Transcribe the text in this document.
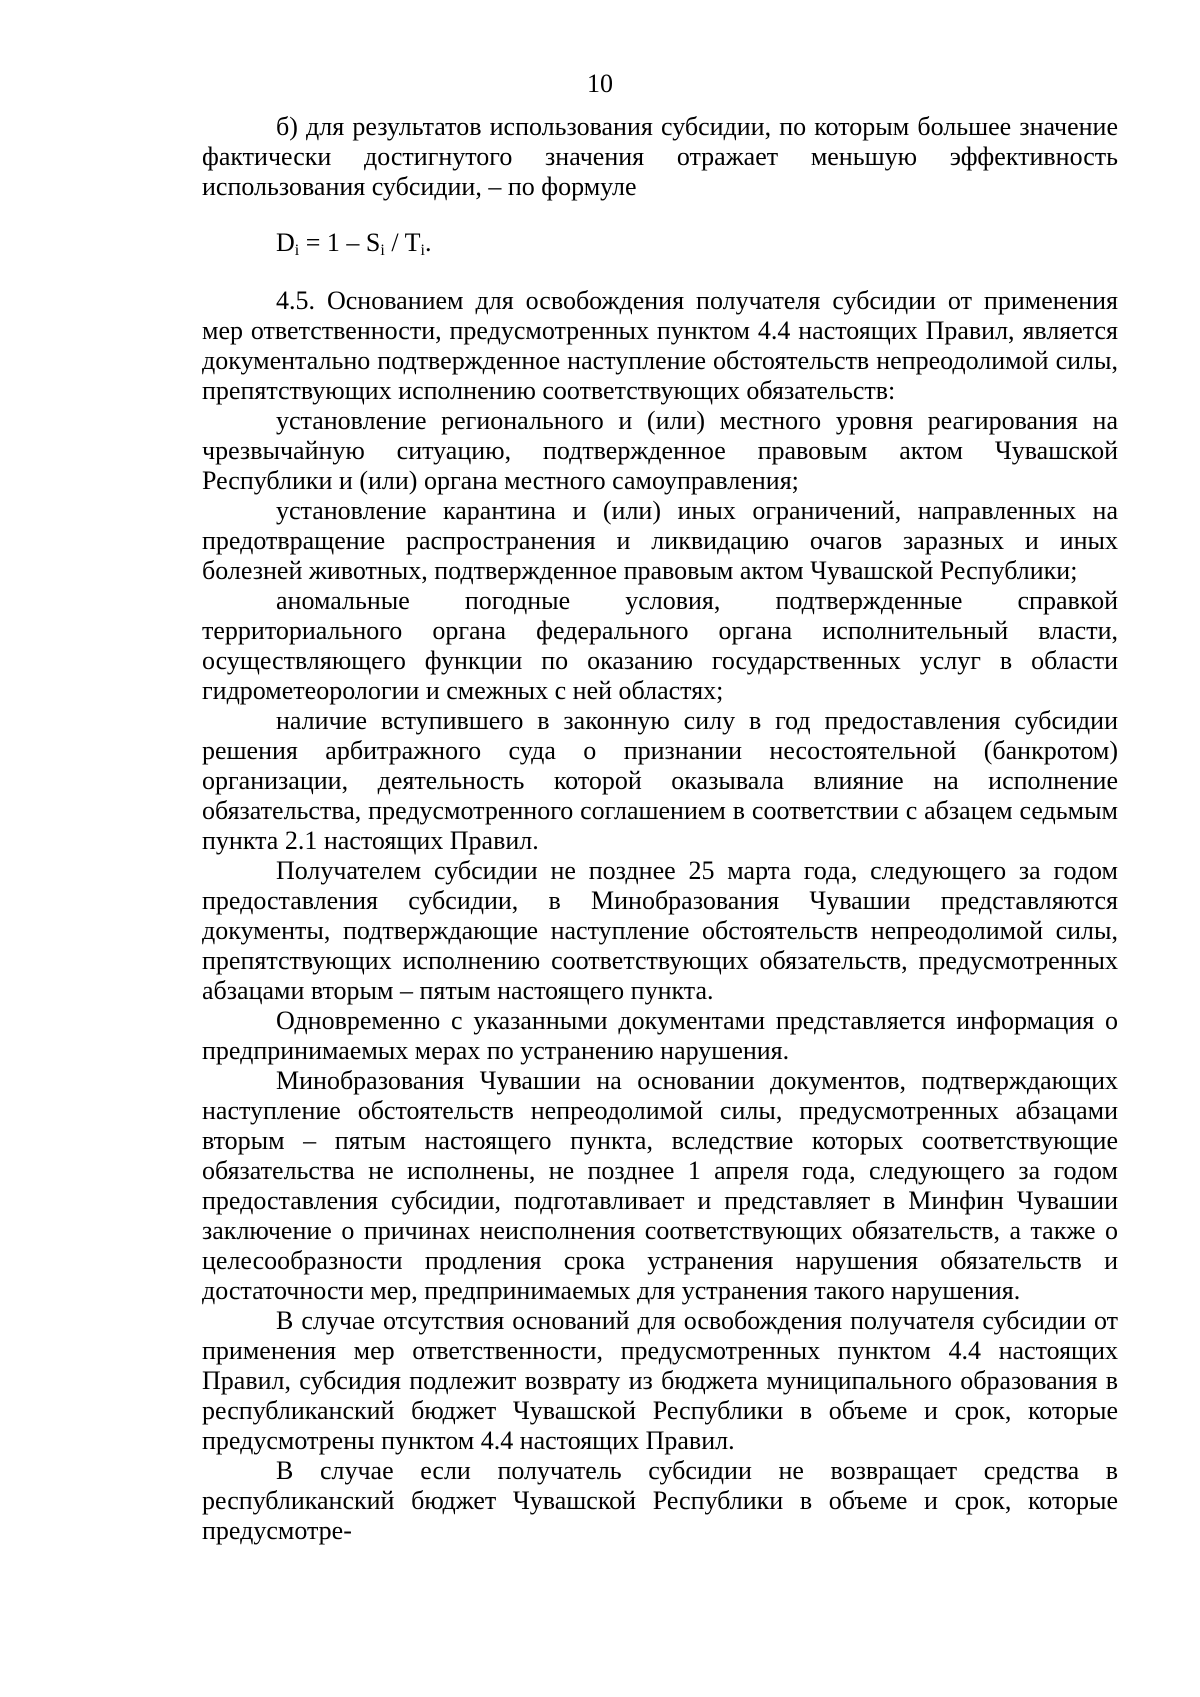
10

б) для результатов использования субсидии, по которым большее значение фактически достигнутого значения отражает меньшую эффективность использования субсидии, – по формуле

$D_i = 1 - S_i / T_i$.

4.5. Основанием для освобождения получателя субсидии от применения мер ответственности, предусмотренных пунктом 4.4 настоящих Правил, является документально подтвержденное наступление обстоятельств непреодолимой силы, препятствующих исполнению соответствующих обязательств:

установление регионального и (или) местного уровня реагирования на чрезвычайную ситуацию, подтвержденное правовым актом Чувашской Республики и (или) органа местного самоуправления;

установление карантина и (или) иных ограничений, направленных на предотвращение распространения и ликвидацию очагов заразных и иных болезней животных, подтвержденное правовым актом Чувашской Республики;

аномальные погодные условия, подтвержденные справкой территориального органа федерального органа исполнительный власти, осуществляющего функции по оказанию государственных услуг в области гидрометеорологии и смежных с ней областях;

наличие вступившего в законную силу в год предоставления субсидии решения арбитражного суда о признании несостоятельной (банкротом) организации, деятельность которой оказывала влияние на исполнение обязательства, предусмотренного соглашением в соответствии с абзацем седьмым пункта 2.1 настоящих Правил.

Получателем субсидии не позднее 25 марта года, следующего за годом предоставления субсидии, в Минобразования Чувашии представляются документы, подтверждающие наступление обстоятельств непреодолимой силы, препятствующих исполнению соответствующих обязательств, предусмотренных абзацами вторым – пятым настоящего пункта.

Одновременно с указанными документами представляется информация о предпринимаемых мерах по устранению нарушения.

Минобразования Чувашии на основании документов, подтверждающих наступление обстоятельств непреодолимой силы, предусмотренных абзацами вторым – пятым настоящего пункта, вследствие которых соответствующие обязательства не исполнены, не позднее 1 апреля года, следующего за годом предоставления субсидии, подготавливает и представляет в Минфин Чувашии заключение о причинах неисполнения соответствующих обязательств, а также о целесообразности продления срока устранения нарушения обязательств и достаточности мер, предпринимаемых для устранения такого нарушения.

В случае отсутствия оснований для освобождения получателя субсидии от применения мер ответственности, предусмотренных пунктом 4.4 настоящих Правил, субсидия подлежит возврату из бюджета муниципального образования в республиканский бюджет Чувашской Республики в объеме и срок, которые предусмотрены пунктом 4.4 настоящих Правил.

В случае если получатель субсидии не возвращает средства в республиканский бюджет Чувашской Республики в объеме и срок, которые предусмотре-
